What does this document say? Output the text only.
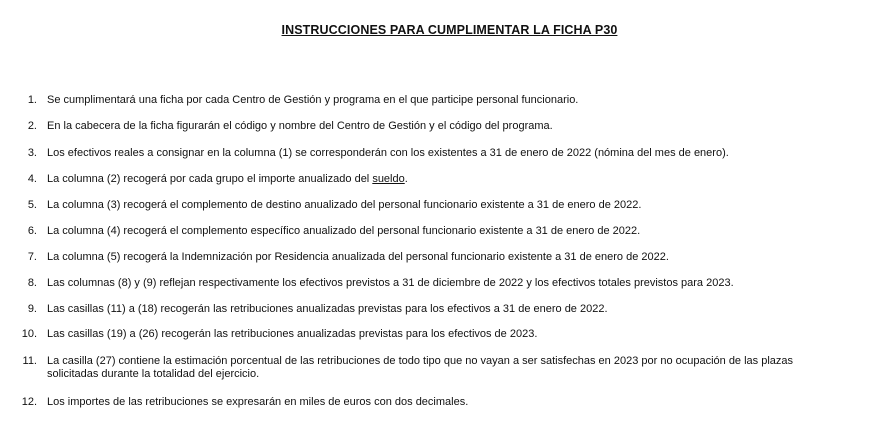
INSTRUCCIONES PARA CUMPLIMENTAR LA FICHA P30
1. Se cumplimentará una ficha por cada Centro de Gestión y programa en el que participe personal funcionario.
2. En la cabecera de la ficha figurarán el código y nombre del Centro de Gestión y el código del programa.
3. Los efectivos reales a consignar en la columna (1) se corresponderán con los existentes a 31 de enero de 2022 (nómina del mes de enero).
4. La columna (2) recogerá por cada grupo el importe anualizado del sueldo.
5. La columna (3) recogerá el complemento de destino anualizado del personal funcionario existente a 31 de enero de 2022.
6. La columna (4) recogerá el complemento específico anualizado del personal funcionario existente a 31 de enero de 2022.
7. La columna (5) recogerá la Indemnización por Residencia anualizada del personal funcionario existente a 31 de enero de 2022.
8. Las columnas (8) y (9) reflejan respectivamente los efectivos previstos a 31 de diciembre de 2022 y los efectivos totales previstos para 2023.
9. Las casillas (11) a (18) recogerán las retribuciones anualizadas previstas para los efectivos a 31 de enero de 2022.
10. Las casillas (19) a (26) recogerán las retribuciones anualizadas previstas para los efectivos de 2023.
11. La casilla (27) contiene la estimación porcentual de las retribuciones de todo tipo que no vayan a ser satisfechas en 2023 por no ocupación de las plazas
solicitadas durante la totalidad del ejercicio.
12. Los importes de las retribuciones se expresarán en miles de euros con dos decimales.
